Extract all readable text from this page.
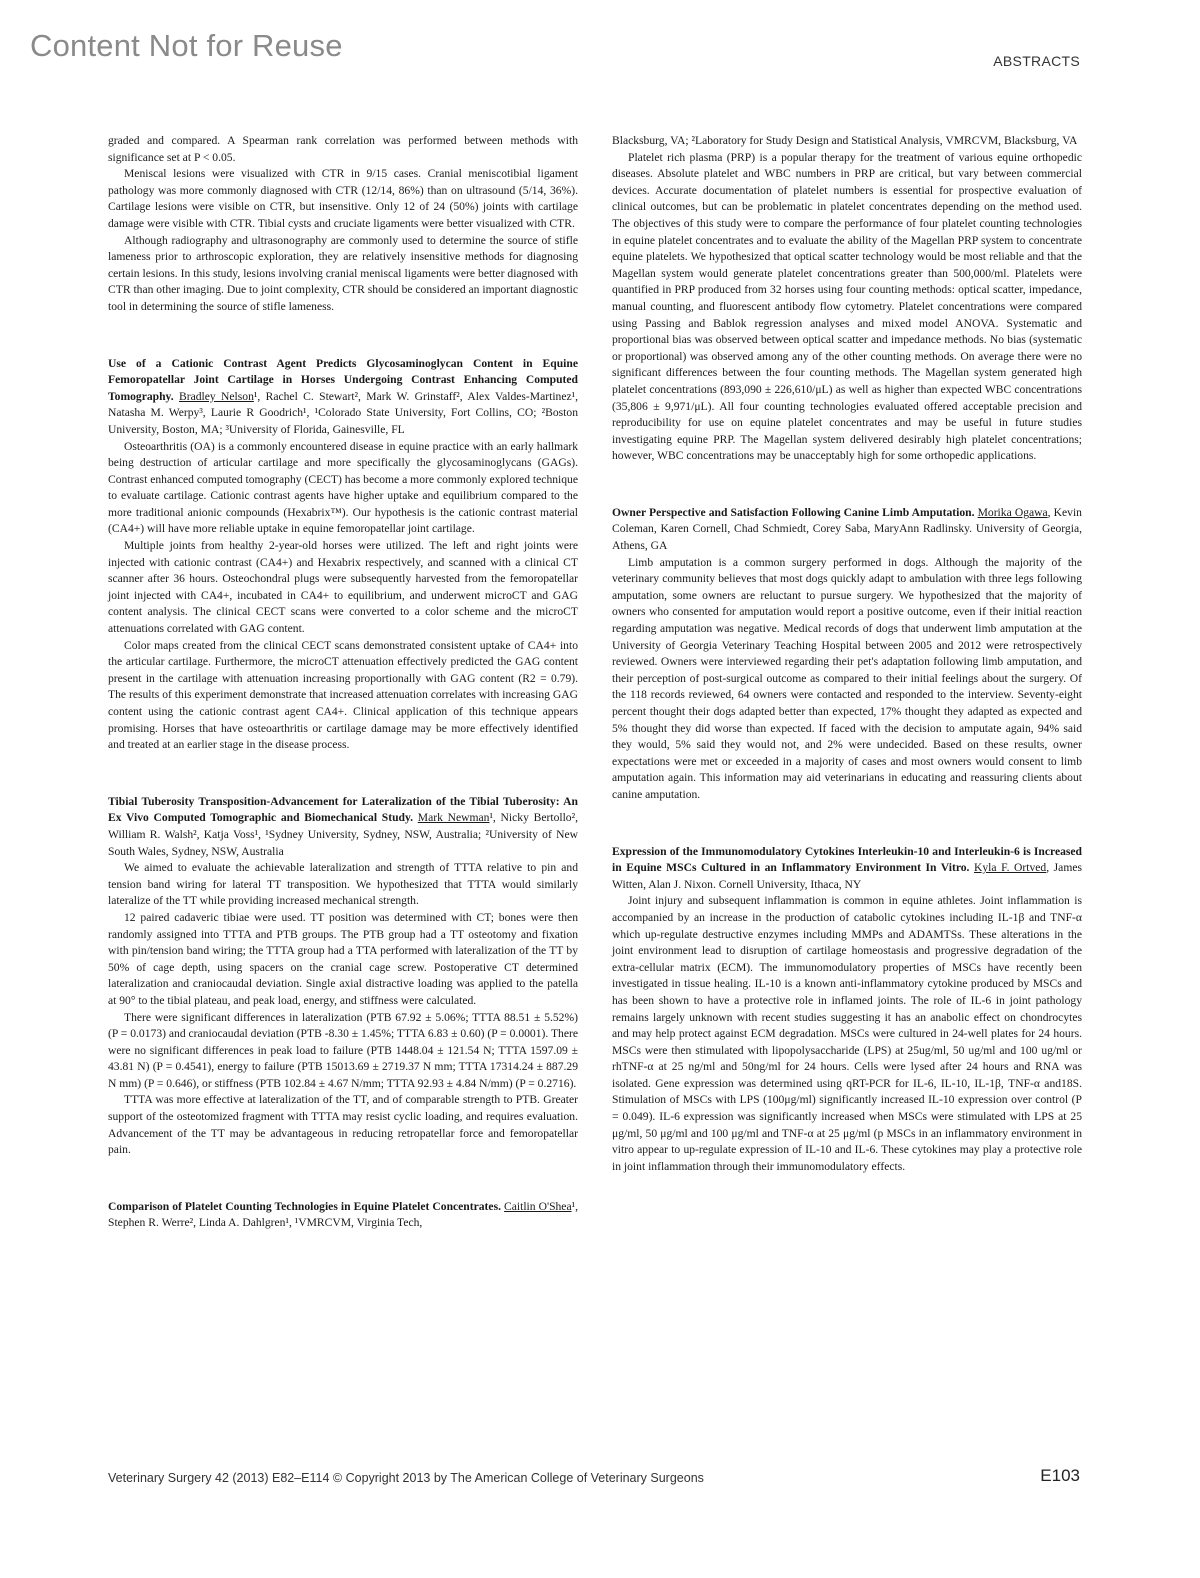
Content Not for Reuse	ABSTRACTS

graded and compared. A Spearman rank correlation was performed between methods with significance set at P < 0.05.

Meniscal lesions were visualized with CTR in 9/15 cases. Cranial meniscotibial ligament pathology was more commonly diagnosed with CTR (12/14, 86%) than on ultrasound (5/14, 36%). Cartilage lesions were visible on CTR, but insensitive. Only 12 of 24 (50%) joints with cartilage damage were visible with CTR. Tibial cysts and cruciate ligaments were better visualized with CTR.

Although radiography and ultrasonography are commonly used to determine the source of stifle lameness prior to arthroscopic exploration, they are relatively insensitive methods for diagnosing certain lesions. In this study, lesions involving cranial meniscal ligaments were better diagnosed with CTR than other imaging. Due to joint complexity, CTR should be considered an important diagnostic tool in determining the source of stifle lameness.

Use of a Cationic Contrast Agent Predicts Glycosaminoglycan Content in Equine Femoropatellar Joint Cartilage in Horses Undergoing Contrast Enhancing Computed Tomography. Bradley Nelson¹, Rachel C. Stewart², Mark W. Grinstaff², Alex Valdes-Martinez¹, Natasha M. Werpy³, Laurie R Goodrich¹, ¹Colorado State University, Fort Collins, CO; ²Boston University, Boston, MA; ³University of Florida, Gainesville, FL

Osteoarthritis (OA) is a commonly encountered disease in equine practice with an early hallmark being destruction of articular cartilage and more specifically the glycosaminoglycans (GAGs). Contrast enhanced computed tomography (CECT) has become a more commonly explored technique to evaluate cartilage. Cationic contrast agents have higher uptake and equilibrium compared to the more traditional anionic compounds (Hexabrix™). Our hypothesis is the cationic contrast material (CA4+) will have more reliable uptake in equine femoropatellar joint cartilage.

Multiple joints from healthy 2-year-old horses were utilized. The left and right joints were injected with cationic contrast (CA4+) and Hexabrix respectively, and scanned with a clinical CT scanner after 36 hours. Osteochondral plugs were subsequently harvested from the femoropatellar joint injected with CA4+, incubated in CA4+ to equilibrium, and underwent microCT and GAG content analysis. The clinical CECT scans were converted to a color scheme and the microCT attenuations correlated with GAG content.

Color maps created from the clinical CECT scans demonstrated consistent uptake of CA4+ into the articular cartilage. Furthermore, the microCT attenuation effectively predicted the GAG content present in the cartilage with attenuation increasing proportionally with GAG content (R2 = 0.79). The results of this experiment demonstrate that increased attenuation correlates with increasing GAG content using the cationic contrast agent CA4+. Clinical application of this technique appears promising. Horses that have osteoarthritis or cartilage damage may be more effectively identified and treated at an earlier stage in the disease process.

Tibial Tuberosity Transposition-Advancement for Lateralization of the Tibial Tuberosity: An Ex Vivo Computed Tomographic and Biomechanical Study. Mark Newman¹, Nicky Bertollo², William R. Walsh², Katja Voss¹, ¹Sydney University, Sydney, NSW, Australia; ²University of New South Wales, Sydney, NSW, Australia

We aimed to evaluate the achievable lateralization and strength of TTTA relative to pin and tension band wiring for lateral TT transposition. We hypothesized that TTTA would similarly lateralize of the TT while providing increased mechanical strength.

12 paired cadaveric tibiae were used. TT position was determined with CT; bones were then randomly assigned into TTTA and PTB groups. The PTB group had a TT osteotomy and fixation with pin/tension band wiring; the TTTA group had a TTA performed with lateralization of the TT by 50% of cage depth, using spacers on the cranial cage screw. Postoperative CT determined lateralization and craniocaudal deviation. Single axial distractive loading was applied to the patella at 90° to the tibial plateau, and peak load, energy, and stiffness were calculated.

There were significant differences in lateralization (PTB 67.92 ± 5.06%; TTTA 88.51 ± 5.52%) (P = 0.0173) and craniocaudal deviation (PTB -8.30 ± 1.45%; TTTA 6.83 ± 0.60) (P = 0.0001). There were no significant differences in peak load to failure (PTB 1448.04 ± 121.54 N; TTTA 1597.09 ± 43.81 N) (P = 0.4541), energy to failure (PTB 15013.69 ± 2719.37 N mm; TTTA 17314.24 ± 887.29 N mm) (P = 0.646), or stiffness (PTB 102.84 ± 4.67 N/mm; TTTA 92.93 ± 4.84 N/mm) (P = 0.2716).

TTTA was more effective at lateralization of the TT, and of comparable strength to PTB. Greater support of the osteotomized fragment with TTTA may resist cyclic loading, and requires evaluation. Advancement of the TT may be advantageous in reducing retropatellar force and femoropatellar pain.

Comparison of Platelet Counting Technologies in Equine Platelet Concentrates. Caitlin O'Shea¹, Stephen R. Werre², Linda A. Dahlgren¹, ¹VMRCVM, Virginia Tech,

Blacksburg, VA; ²Laboratory for Study Design and Statistical Analysis, VMRCVM, Blacksburg, VA

Platelet rich plasma (PRP) is a popular therapy for the treatment of various equine orthopedic diseases. Absolute platelet and WBC numbers in PRP are critical, but vary between commercial devices. Accurate documentation of platelet numbers is essential for prospective evaluation of clinical outcomes, but can be problematic in platelet concentrates depending on the method used. The objectives of this study were to compare the performance of four platelet counting technologies in equine platelet concentrates and to evaluate the ability of the Magellan PRP system to concentrate equine platelets. We hypothesized that optical scatter technology would be most reliable and that the Magellan system would generate platelet concentrations greater than 500,000/ml. Platelets were quantified in PRP produced from 32 horses using four counting methods: optical scatter, impedance, manual counting, and fluorescent antibody flow cytometry. Platelet concentrations were compared using Passing and Bablok regression analyses and mixed model ANOVA. Systematic and proportional bias was observed between optical scatter and impedance methods. No bias (systematic or proportional) was observed among any of the other counting methods. On average there were no significant differences between the four counting methods. The Magellan system generated high platelet concentrations (893,090 ± 226,610/μL) as well as higher than expected WBC concentrations (35,806 ± 9,971/μL). All four counting technologies evaluated offered acceptable precision and reproducibility for use on equine platelet concentrates and may be useful in future studies investigating equine PRP. The Magellan system delivered desirably high platelet concentrations; however, WBC concentrations may be unacceptably high for some orthopedic applications.

Owner Perspective and Satisfaction Following Canine Limb Amputation. Morika Ogawa, Kevin Coleman, Karen Cornell, Chad Schmiedt, Corey Saba, MaryAnn Radlinsky. University of Georgia, Athens, GA

Limb amputation is a common surgery performed in dogs. Although the majority of the veterinary community believes that most dogs quickly adapt to ambulation with three legs following amputation, some owners are reluctant to pursue surgery. We hypothesized that the majority of owners who consented for amputation would report a positive outcome, even if their initial reaction regarding amputation was negative. Medical records of dogs that underwent limb amputation at the University of Georgia Veterinary Teaching Hospital between 2005 and 2012 were retrospectively reviewed. Owners were interviewed regarding their pet's adaptation following limb amputation, and their perception of post-surgical outcome as compared to their initial feelings about the surgery. Of the 118 records reviewed, 64 owners were contacted and responded to the interview. Seventy-eight percent thought their dogs adapted better than expected, 17% thought they adapted as expected and 5% thought they did worse than expected. If faced with the decision to amputate again, 94% said they would, 5% said they would not, and 2% were undecided. Based on these results, owner expectations were met or exceeded in a majority of cases and most owners would consent to limb amputation again. This information may aid veterinarians in educating and reassuring clients about canine amputation.

Expression of the Immunomodulatory Cytokines Interleukin-10 and Interleukin-6 is Increased in Equine MSCs Cultured in an Inflammatory Environment In Vitro. Kyla F. Ortved, James Witten, Alan J. Nixon. Cornell University, Ithaca, NY

Joint injury and subsequent inflammation is common in equine athletes. Joint inflammation is accompanied by an increase in the production of catabolic cytokines including IL-1β and TNF-α which up-regulate destructive enzymes including MMPs and ADAMTSs. These alterations in the joint environment lead to disruption of cartilage homeostasis and progressive degradation of the extra-cellular matrix (ECM). The immunomodulatory properties of MSCs have recently been investigated in tissue healing. IL-10 is a known anti-inflammatory cytokine produced by MSCs and has been shown to have a protective role in inflamed joints. The role of IL-6 in joint pathology remains largely unknown with recent studies suggesting it has an anabolic effect on chondrocytes and may help protect against ECM degradation. MSCs were cultured in 24-well plates for 24 hours. MSCs were then stimulated with lipopolysaccharide (LPS) at 25ug/ml, 50 ug/ml and 100 ug/ml or rhTNF-α at 25 ng/ml and 50ng/ml for 24 hours. Cells were lysed after 24 hours and RNA was isolated. Gene expression was determined using qRT-PCR for IL-6, IL-10, IL-1β, TNF-α and18S. Stimulation of MSCs with LPS (100μg/ml) significantly increased IL-10 expression over control (P = 0.049). IL-6 expression was significantly increased when MSCs were stimulated with LPS at 25 μg/ml, 50 μg/ml and 100 μg/ml and TNF-α at 25 μg/ml (p MSCs in an inflammatory environment in vitro appear to up-regulate expression of IL-10 and IL-6. These cytokines may play a protective role in joint inflammation through their immunomodulatory effects.

Veterinary Surgery 42 (2013) E82–E114 © Copyright 2013 by The American College of Veterinary Surgeons	E103
